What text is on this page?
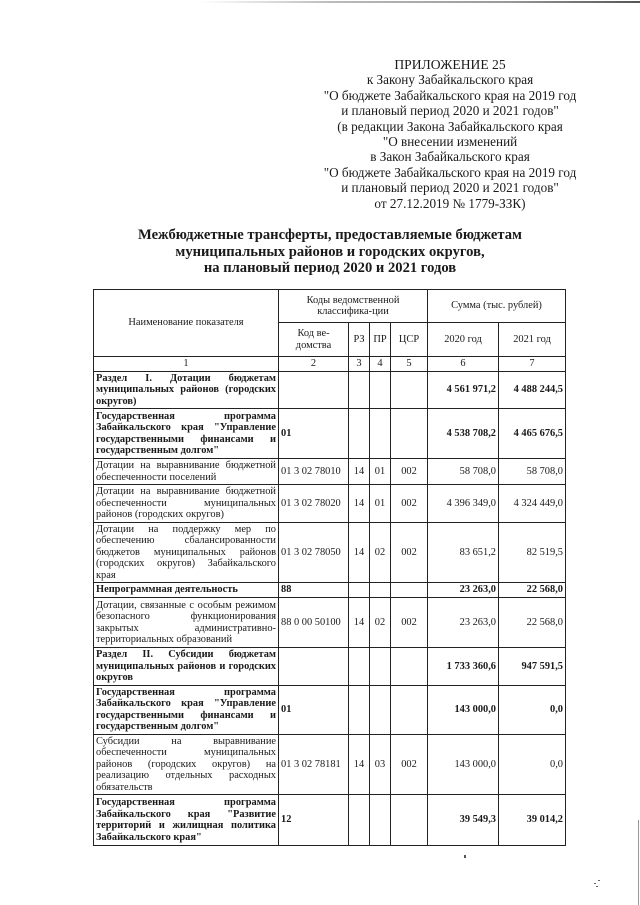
ПРИЛОЖЕНИЕ 25
к Закону Забайкальского края
"О бюджете Забайкальского края на 2019 год
и плановый период 2020 и 2021 годов"
(в редакции Закона Забайкальского края
"О внесении изменений
в Закон Забайкальского края
"О бюджете Забайкальского края на 2019 год
и плановый период 2020 и 2021 годов"
от 27.12.2019 № 1779-ЗЗК)
Межбюджетные трансферты, предоставляемые бюджетам
муниципальных районов и городских округов,
на плановый период 2020 и 2021 годов
Наименование показателя	Коды ведомственной классифика-ции				Сумма (тыс. рублей)	
	Код ве-домства	РЗ	ПР	ЦСР	2020 год	2021 год
1	2	3	4	5	6	7
Раздел I. Дотации бюджетам муниципальных районов (городских округов)					4 561 971,2	4 488 244,5
Государственная программа Забайкальского края "Управление государственными финансами и государственным долгом"	01				4 538 708,2	4 465 676,5
Дотации на выравнивание бюджетной обеспеченности поселений	01 3 02 78010	14	01	002	58 708,0	58 708,0
Дотации на выравнивание бюджетной обеспеченности муниципальных районов (городских округов)	01 3 02 78020	14	01	002	4 396 349,0	4 324 449,0
Дотации на поддержку мер по обеспечению сбалансированности бюджетов муниципальных районов (городских округов) Забайкальского края	01 3 02 78050	14	02	002	83 651,2	82 519,5
Непрограммная деятельность	88				23 263,0	22 568,0
Дотации, связанные с особым режимом безопасного функционирования закрытых административно-территориальных образований	88 0 00 50100	14	02	002	23 263,0	22 568,0
Раздел II. Субсидии бюджетам муниципальных районов и городских округов					1 733 360,6	947 591,5
Государственная программа Забайкальского края "Управление государственными финансами и государственным долгом"	01				143 000,0	0,0
Субсидии на выравнивание обеспеченности муниципальных районов (городских округов) на реализацию отдельных расходных обязательств	01 3 02 78181	14	03	002	143 000,0	0,0
Государственная программа Забайкальского края "Развитие территорий и жилищная политика Забайкальского края"	12				39 549,3	39 014,2
